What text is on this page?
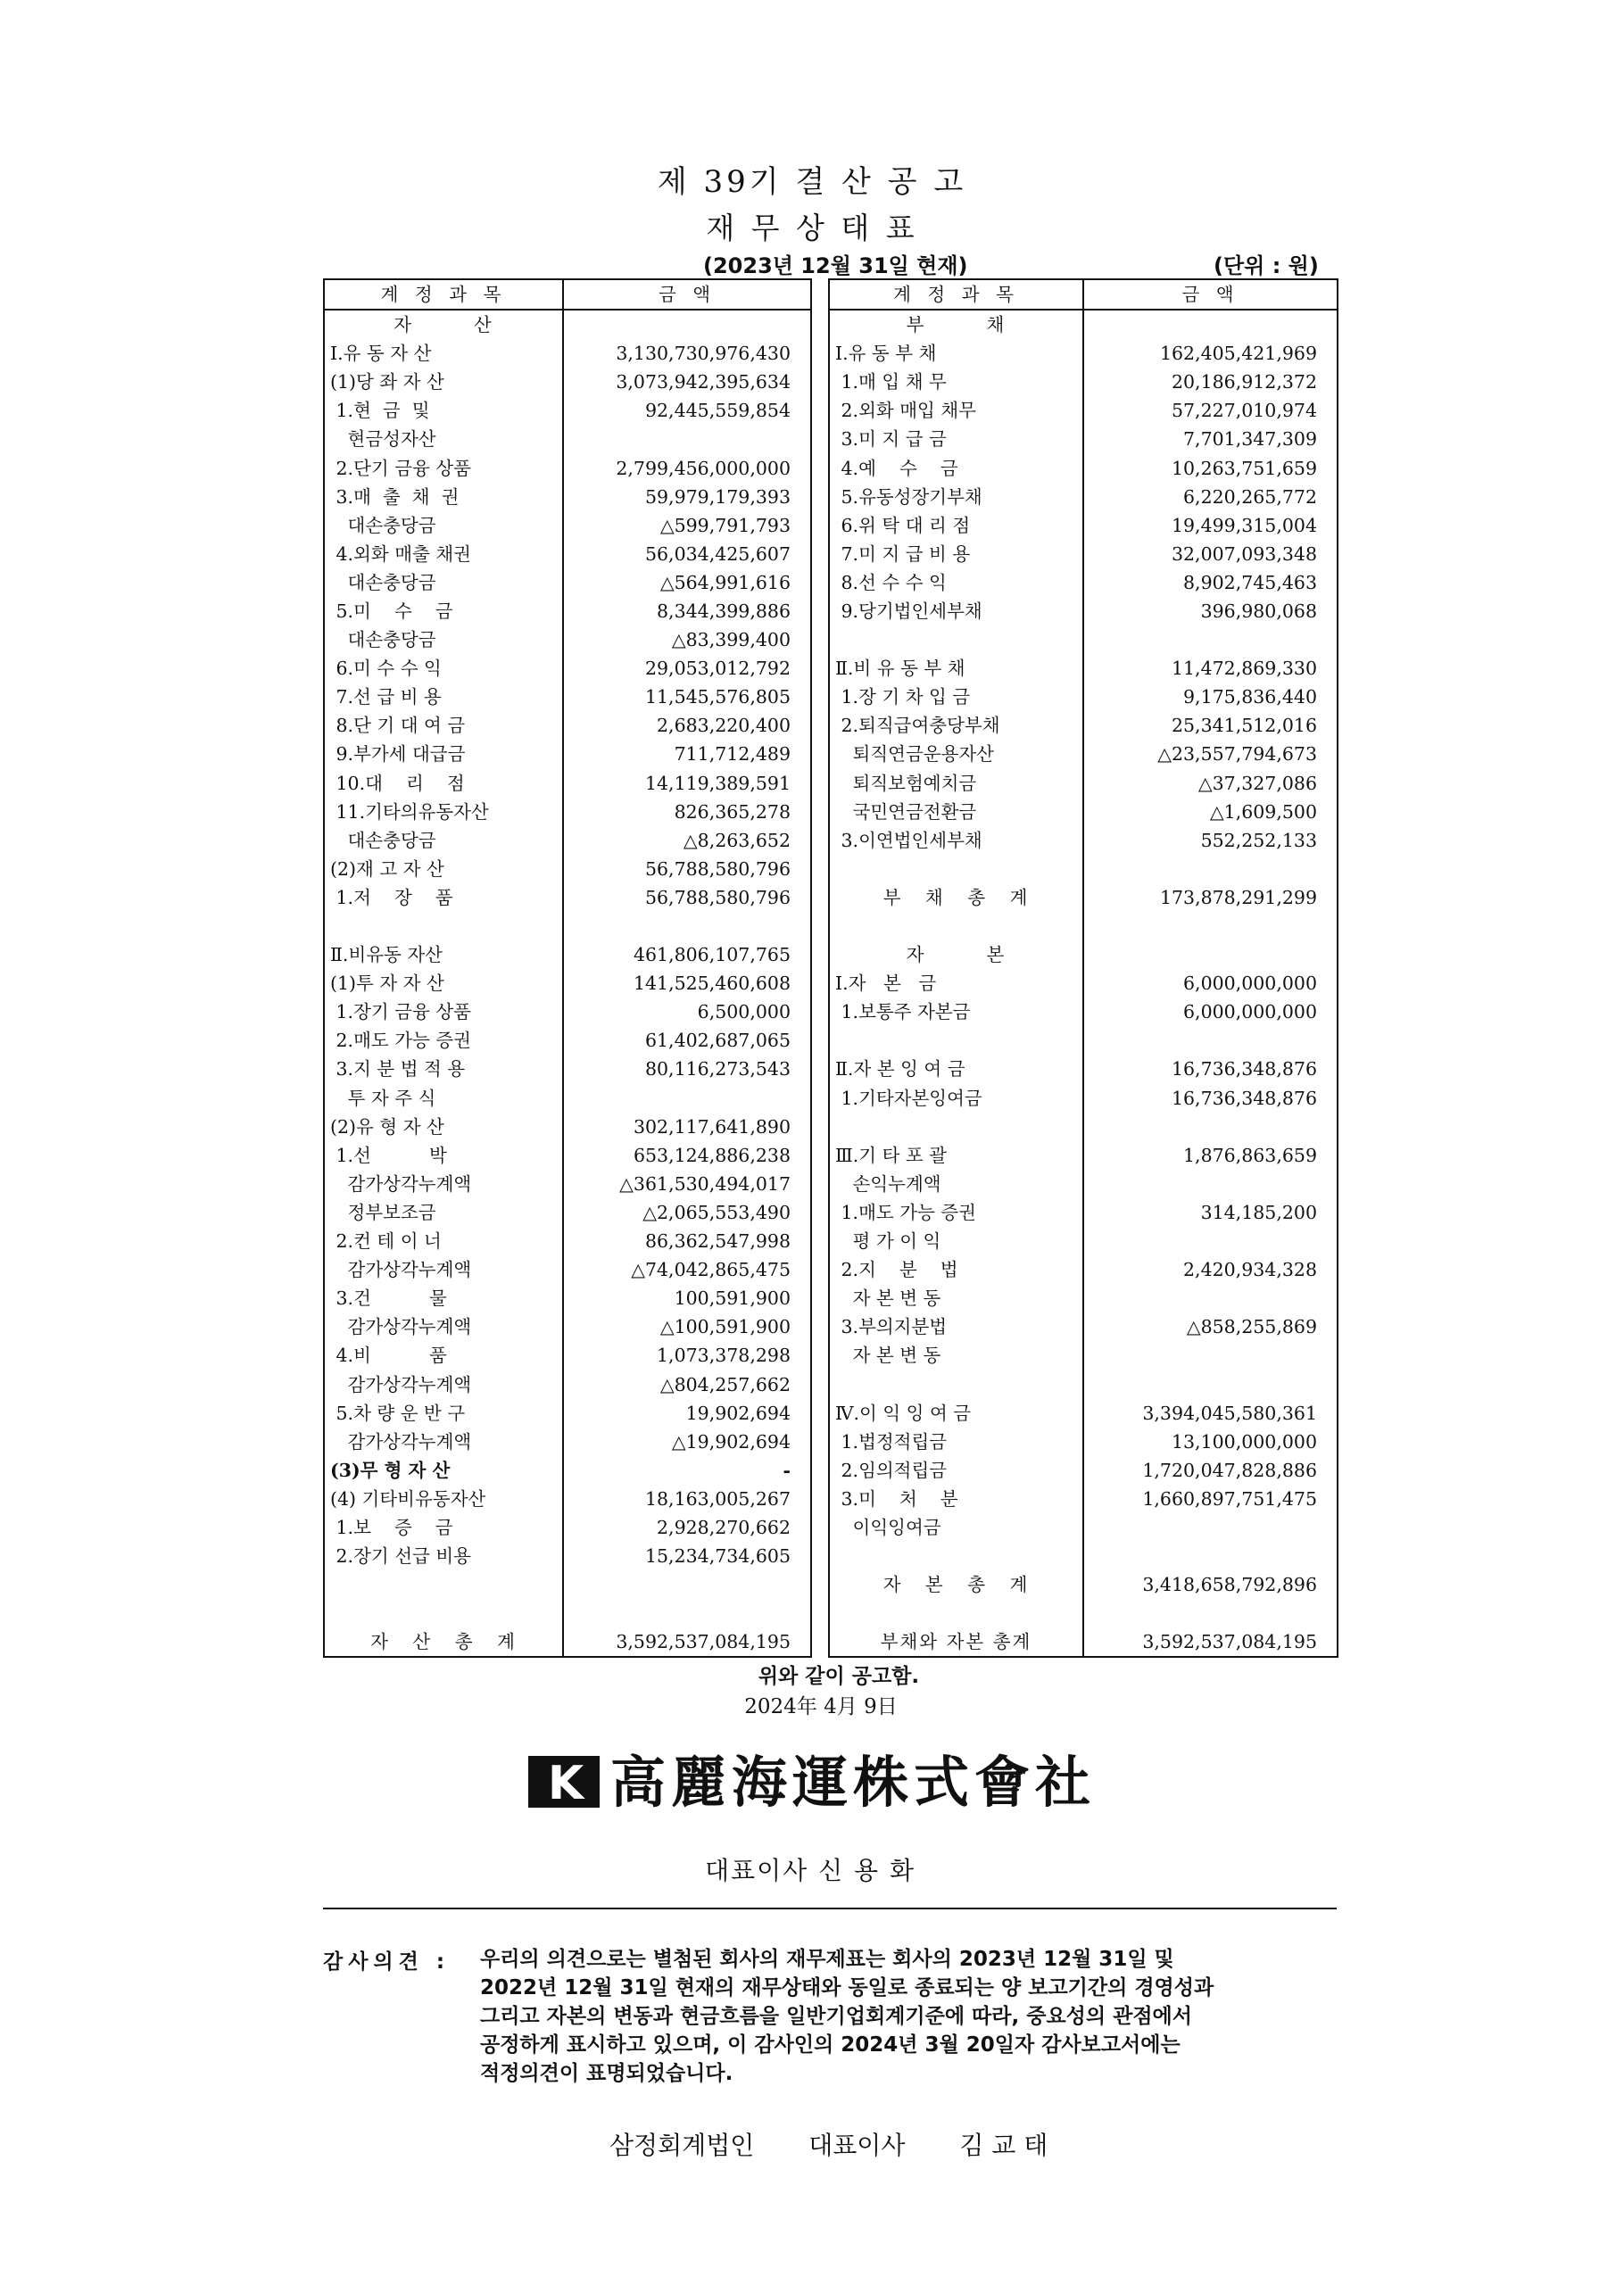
제 39기 결 산 공 고
재 무 상 태 표
(2023년 12월 31일 현재)	(단위 : 원)
계 정 과 목	금 액
자        산	
Ⅰ.유 동 자 산	3,130,730,976,430
(1)당 좌 자 산	3,073,942,395,634
1.현  금  및	92,445,559,854
현금성자산	
2.단기 금융 상품	2,799,456,000,000
3.매  출  채  권	59,979,179,393
대손충당금	△599,791,793
4.외화 매출 채권	56,034,425,607
대손충당금	△564,991,616
5.미    수    금	8,344,399,886
대손충당금	△83,399,400
6.미 수 수 익	29,053,012,792
7.선 급 비 용	11,545,576,805
8.단 기 대 여 금	2,683,220,400
9.부가세 대급금	711,712,489
10.대    리    점	14,119,389,591
11.기타의유동자산	826,365,278
대손충당금	△8,263,652
(2)재 고 자 산	56,788,580,796
1.저    장    품	56,788,580,796

Ⅱ.비유동 자산	461,806,107,765
(1)투 자 자 산	141,525,460,608
1.장기 금융 상품	6,500,000
2.매도 가능 증권	61,402,687,065
3.지 분 법 적 용	80,116,273,543
투 자 주 식	
(2)유 형 자 산	302,117,641,890
1.선          박	653,124,886,238
감가상각누계액	△361,530,494,017
정부보조금	△2,065,553,490
2.컨 테 이 너	86,362,547,998
감가상각누계액	△74,042,865,475
3.건          물	100,591,900
감가상각누계액	△100,591,900
4.비          품	1,073,378,298
감가상각누계액	△804,257,662
5.차 량 운 반 구	19,902,694
감가상각누계액	△19,902,694
(3)무 형 자 산	-
(4) 기타비유동자산	18,163,005,267
1.보    증    금	2,928,270,662
2.장기 선급 비용	15,234,734,605

자   산   총   계	3,592,537,084,195
계 정 과 목	금 액
부        채	
Ⅰ.유 동 부 채	162,405,421,969
1.매 입 채 무	20,186,912,372
2.외화 매입 채무	57,227,010,974
3.미 지 급 금	7,701,347,309
4.예    수    금	10,263,751,659
5.유동성장기부채	6,220,265,772
6.위 탁 대 리 점	19,499,315,004
7.미 지 급 비 용	32,007,093,348
8.선 수 수 익	8,902,745,463
9.당기법인세부채	396,980,068

Ⅱ.비 유 동 부 채	11,472,869,330
1.장 기 차 입 금	9,175,836,440
2.퇴직급여충당부채	25,341,512,016
퇴직연금운용자산	△23,557,794,673
퇴직보험예치금	△37,327,086
국민연금전환금	△1,609,500
3.이연법인세부채	552,252,133

부   채   총   계	173,878,291,299

자        본	
Ⅰ.자   본   금	6,000,000,000
1.보통주 자본금	6,000,000,000

Ⅱ.자 본 잉 여 금	16,736,348,876
1.기타자본잉여금	16,736,348,876

Ⅲ.기 타 포 괄	1,876,863,659
손익누계액	
1.매도 가능 증권	314,185,200
평 가 이 익	
2.지    분    법	2,420,934,328
자 본 변 동	
3.부의지분법	△858,255,869
자 본 변 동	

Ⅳ.이 익 잉 여 금	3,394,045,580,361
1.법정적립금	13,100,000,000
2.임의적립금	1,720,047,828,886
3.미    처    분	1,660,897,751,475
이익잉여금	

자   본   총   계	3,418,658,792,896

부채와 자본 총계	3,592,537,084,195
위와 같이 공고함.
2024年 4月 9日
K 高麗海運株式會社
대표이사 신 용 화
감사의견 : 우리의 의견으로는 별첨된 회사의 재무제표는 회사의 2023년 12월 31일 및
2022년 12월 31일 현재의 재무상태와 동일로 종료되는 양 보고기간의 경영성과
그리고 자본의 변동과 현금흐름을 일반기업회계기준에 따라, 중요성의 관점에서
공정하게 표시하고 있으며, 이 감사인의 2024년 3월 20일자 감사보고서에는
적정의견이 표명되었습니다.
삼정회계법인 대표이사 김 교 태
